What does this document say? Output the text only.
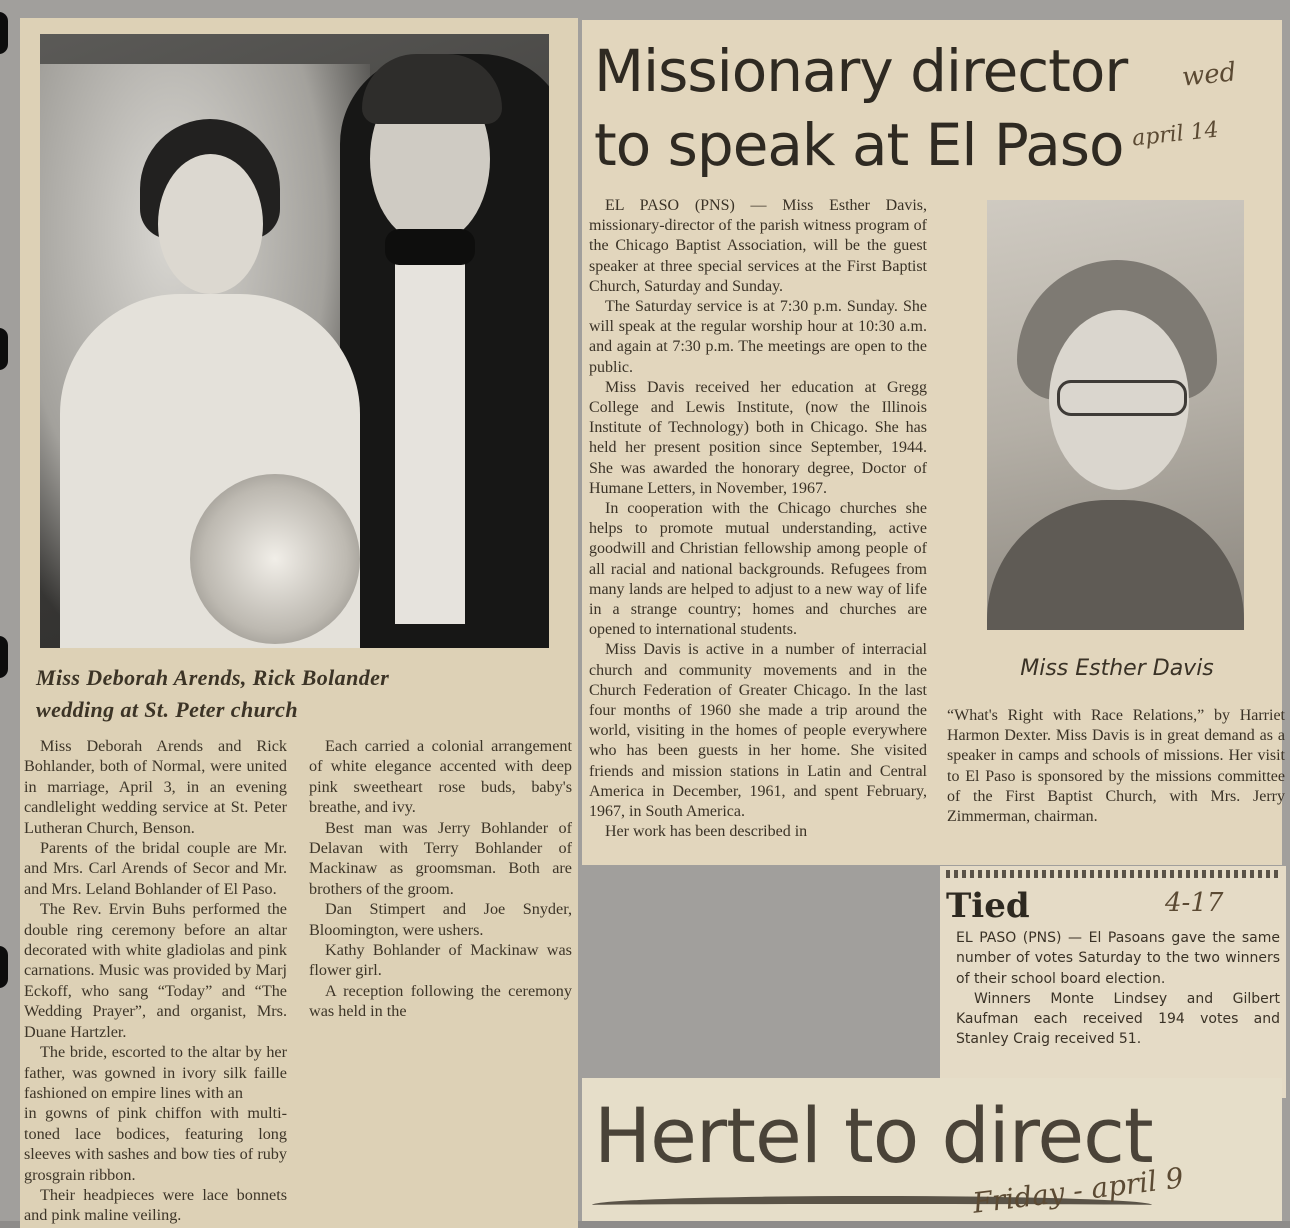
Miss Deborah Arends, Rick Bolander
wedding at St. Peter church

Miss Deborah Arends and Rick Bohlander, both of Normal, were united in marriage, April 3, in an evening candlelight wedding service at St. Peter Lutheran Church, Benson.

Parents of the bridal couple are Mr. and Mrs. Carl Arends of Secor and Mr. and Mrs. Leland Bohlander of El Paso.

The Rev. Ervin Buhs performed the double ring ceremony before an altar decorated with white gladiolas and pink carnations. Music was provided by Marj Eckoff, who sang “Today” and “The Wedding Prayer”, and organist, Mrs. Duane Hartzler.

The bride, escorted to the altar by her father, was gowned in ivory silk faille fashioned on empire lines with an

in gowns of pink chiffon with multi-toned lace bodices, featuring long sleeves with sashes and bow ties of ruby grosgrain ribbon.

Their headpieces were lace bonnets and pink maline veiling.

Each carried a colonial arrangement of white elegance accented with deep pink sweetheart rose buds, baby's breathe, and ivy.

Best man was Jerry Bohlander of Delavan with Terry Bohlander of Mackinaw as groomsman. Both are brothers of the groom.

Dan Stimpert and Joe Snyder, Bloomington, were ushers.

Kathy Bohlander of Mackinaw was flower girl.

A reception following the ceremony was held in the

Missionary director
to speak at El Paso
wed
april 14

EL PASO (PNS) — Miss Esther Davis, missionary-director of the parish witness program of the Chicago Baptist Association, will be the guest speaker at three special services at the First Baptist Church, Saturday and Sunday.

The Saturday service is at 7:30 p.m. Sunday. She will speak at the regular worship hour at 10:30 a.m. and again at 7:30 p.m. The meetings are open to the public.

Miss Davis received her education at Gregg College and Lewis Institute, (now the Illinois Institute of Technology) both in Chicago. She has held her present position since September, 1944. She was awarded the honorary degree, Doctor of Humane Letters, in November, 1967.

In cooperation with the Chicago churches she helps to promote mutual understanding, active goodwill and Christian fellowship among people of all racial and national backgrounds. Refugees from many lands are helped to adjust to a new way of life in a strange country; homes and churches are opened to international students.

Miss Davis is active in a number of interracial church and community movements and in the Church Federation of Greater Chicago. In the last four months of 1960 she made a trip around the world, visiting in the homes of people everywhere who has been guests in her home. She visited friends and mission stations in Latin and Central America in December, 1961, and spent February, 1967, in South America.

Her work has been described in

Miss Esther Davis

“What's Right with Race Relations,” by Harriet Harmon Dexter. Miss Davis is in great demand as a speaker in camps and schools of missions. Her visit to El Paso is sponsored by the missions committee of the First Baptist Church, with Mrs. Jerry Zimmerman, chairman.

Tied	4-17

EL PASO (PNS) — El Pasoans gave the same number of votes Saturday to the two winners of their school board election.

Winners Monte Lindsey and Gilbert Kaufman each received 194 votes and Stanley Craig received 51.

Hertel to direct
Friday - april 9
